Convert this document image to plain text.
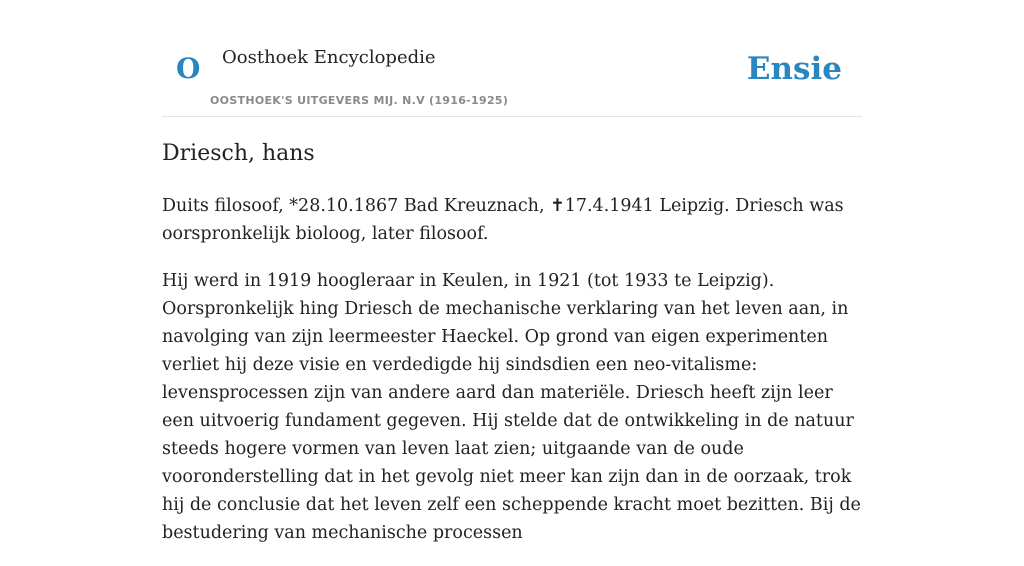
O Oosthoek Encyclopedie
OOSTHOEK'S UITGEVERS MIJ. N.V (1916-1925)
Ensie
Driesch, hans

Duits filosoof, *28.10.1867 Bad Kreuznach, ✝17.4.1941 Leipzig. Driesch was oorspronkelijk bioloog, later filosoof.

Hij werd in 1919 hoogleraar in Keulen, in 1921 (tot 1933 te Leipzig). Oorspronkelijk hing Driesch de mechanische verklaring van het leven aan, in navolging van zijn leermeester Haeckel. Op grond van eigen experimenten verliet hij deze visie en verdedigde hij sindsdien een neo-vitalisme: levensprocessen zijn van andere aard dan materiële. Driesch heeft zijn leer een uitvoerig fundament gegeven. Hij stelde dat de ontwikkeling in de natuur steeds hogere vormen van leven laat zien; uitgaande van de oude vooronderstelling dat in het gevolg niet meer kan zijn dan in de oorzaak, trok hij de conclusie dat het leven zelf een scheppende kracht moet bezitten. Bij de bestudering van mechanische processen
